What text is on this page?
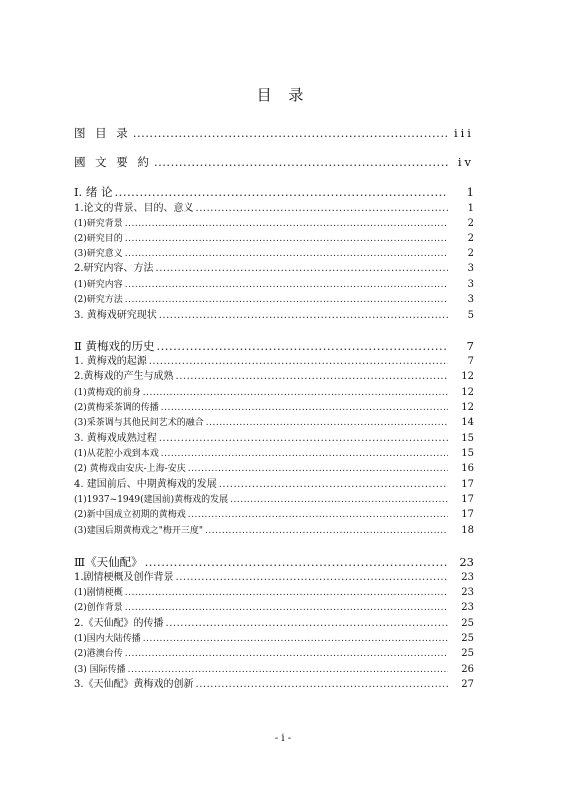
目 录
图 目 录 .....	iii
國 文 要 約 .....	iv
Ⅰ. 绪 论 .....	1
1.论文的背景、目的、意义 .....	1
(1)研究背景 .....	2
(2)研究目的 .....	2
(3)研究意义 .....	2
2.研究内容、方法 .....	3
(1)研究内容 .....	3
(2)研究方法 .....	3
3. 黄梅戏研究现状 .....	5
Ⅱ 黄梅戏的历史 .....	7
1. 黄梅戏的起源 .....	7
2.黄梅戏的产生与成熟 .....	12
(1)黄梅戏的前身 .....	12
(2)黄梅采茶调的传播 .....	12
(3)采茶调与其他民间艺术的融合 .....	14
3. 黄梅戏成熟过程 .....	15
(1)从花腔小戏到本戏 .....	15
(2) 黄梅戏由安庆-上海-安庆 .....	16
4. 建国前后、中期黄梅戏的发展 .....	17
(1)1937~1949(建国前)黄梅戏的发展 .....	17
(2)新中国成立初期的黄梅戏 .....	17
(3)建国后期黄梅戏之"梅开三度" .....	18
Ⅲ《天仙配》 .....	23
1.剧情梗概及创作背景 .....	23
(1)剧情梗概 .....	23
(2)创作背景 .....	23
2.《天仙配》的传播 .....	25
(1)国内大陆传播 .....	25
(2)港澳台传 .....	25
(3) 国际传播 .....	26
3.《天仙配》黄梅戏的创新 .....	27
- i -
